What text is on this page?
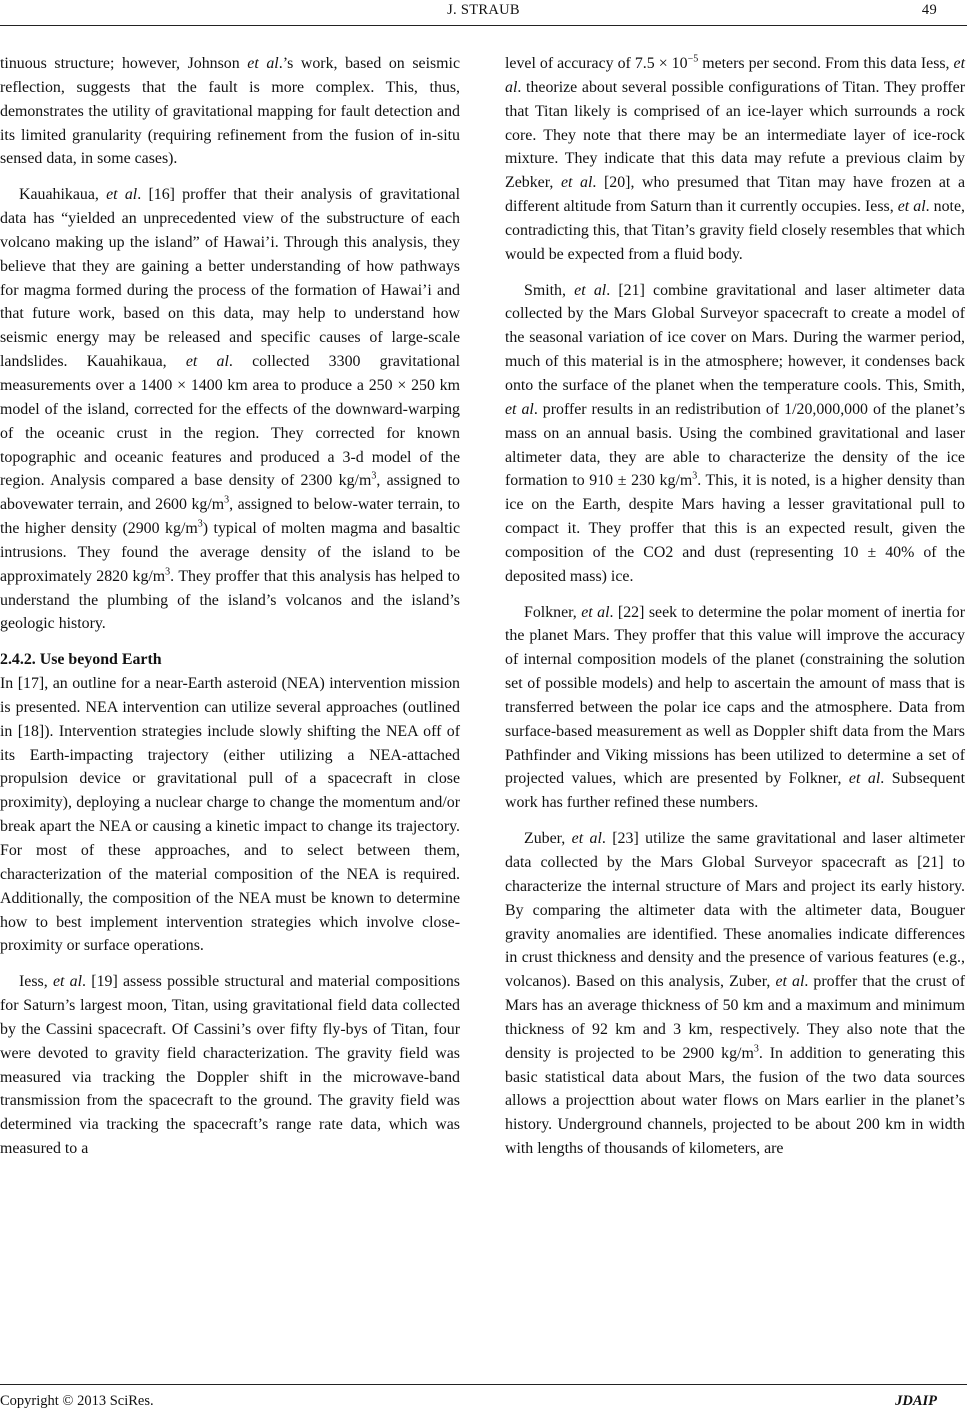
J. STRAUB	49

tinuous structure; however, Johnson et al.’s work, based on seismic reflection, suggests that the fault is more complex. This, thus, demonstrates the utility of gravitational mapping for fault detection and its limited granularity (requiring refinement from the fusion of in-situ sensed data, in some cases).

Kauahikaua, et al. [16] proffer that their analysis of gravitational data has “yielded an unprecedented view of the substructure of each volcano making up the island” of Hawai’i. Through this analysis, they believe that they are gaining a better understanding of how pathways for magma formed during the process of the formation of Hawai’i and that future work, based on this data, may help to understand how seismic energy may be released and specific causes of large-scale landslides. Kauahikaua, et al. collected 3300 gravitational measurements over a 1400 × 1400 km area to produce a 250 × 250 km model of the island, corrected for the effects of the downward-warping of the oceanic crust in the region. They corrected for known topographic and oceanic features and produced a 3-d model of the region. Analysis compared a base density of 2300 $kg/m^3$, assigned to abovewater terrain, and 2600 $kg/m^3$, assigned to below-water terrain, to the higher density (2900 $kg/m^3$) typical of molten magma and basaltic intrusions. They found the average density of the island to be approximately 2820 $kg/m^3$. They proffer that this analysis has helped to understand the plumbing of the island’s volcanos and the island’s geologic history.

2.4.2. Use beyond Earth

In [17], an outline for a near-Earth asteroid (NEA) intervention mission is presented. NEA intervention can utilize several approaches (outlined in [18]). Intervention strategies include slowly shifting the NEA off of its Earth-impacting trajectory (either utilizing a NEA-attached propulsion device or gravitational pull of a spacecraft in close proximity), deploying a nuclear charge to change the momentum and/or break apart the NEA or causing a kinetic impact to change its trajectory. For most of these approaches, and to select between them, characterization of the material composition of the NEA is required. Additionally, the composition of the NEA must be known to determine how to best implement intervention strategies which involve close-proximity or surface operations.

Iess, et al. [19] assess possible structural and material compositions for Saturn’s largest moon, Titan, using gravitational field data collected by the Cassini spacecraft. Of Cassini’s over fifty fly-bys of Titan, four were devoted to gravity field characterization. The gravity field was measured via tracking the Doppler shift in the microwave-band transmission from the spacecraft to the ground. The gravity field was determined via tracking the spacecraft’s range rate data, which was measured to a

level of accuracy of $7.5 \times 10^{-5}$ meters per second. From this data Iess, et al. theorize about several possible configurations of Titan. They proffer that Titan likely is comprised of an ice-layer which surrounds a rock core. They note that there may be an intermediate layer of ice-rock mixture. They indicate that this data may refute a previous claim by Zebker, et al. [20], who presumed that Titan may have frozen at a different altitude from Saturn than it currently occupies. Iess, et al. note, contradicting this, that Titan’s gravity field closely resembles that which would be expected from a fluid body.

Smith, et al. [21] combine gravitational and laser altimeter data collected by the Mars Global Surveyor spacecraft to create a model of the seasonal variation of ice cover on Mars. During the warmer period, much of this material is in the atmosphere; however, it condenses back onto the surface of the planet when the temperature cools. This, Smith, et al. proffer results in an redistribution of 1/20,000,000 of the planet’s mass on an annual basis. Using the combined gravitational and laser altimeter data, they are able to characterize the density of the ice formation to 910 ± 230 $kg/m^3$. This, it is noted, is a higher density than ice on the Earth, despite Mars having a lesser gravitational pull to compact it. They proffer that this is an expected result, given the composition of the CO2 and dust (representing 10 ± 40% of the deposited mass) ice.

Folkner, et al. [22] seek to determine the polar moment of inertia for the planet Mars. They proffer that this value will improve the accuracy of internal composition models of the planet (constraining the solution set of possible models) and help to ascertain the amount of mass that is transferred between the polar ice caps and the atmosphere. Data from surface-based measurement as well as Doppler shift data from the Mars Pathfinder and Viking missions has been utilized to determine a set of projected values, which are presented by Folkner, et al. Subsequent work has further refined these numbers.

Zuber, et al. [23] utilize the same gravitational and laser altimeter data collected by the Mars Global Surveyor spacecraft as [21] to characterize the internal structure of Mars and project its early history. By comparing the altimeter data with the altimeter data, Bouguer gravity anomalies are identified. These anomalies indicate differences in crust thickness and density and the presence of various features (e.g., volcanos). Based on this analysis, Zuber, et al. proffer that the crust of Mars has an average thickness of 50 km and a maximum and minimum thickness of 92 km and 3 km, respectively. They also note that the density is projected to be 2900 $kg/m^3$. In addition to generating this basic statistical data about Mars, the fusion of the two data sources allows a projecttion about water flows on Mars earlier in the planet’s history. Underground channels, projected to be about 200 km in width with lengths of thousands of kilometers, are

Copyright © 2013 SciRes.	JDAIP
